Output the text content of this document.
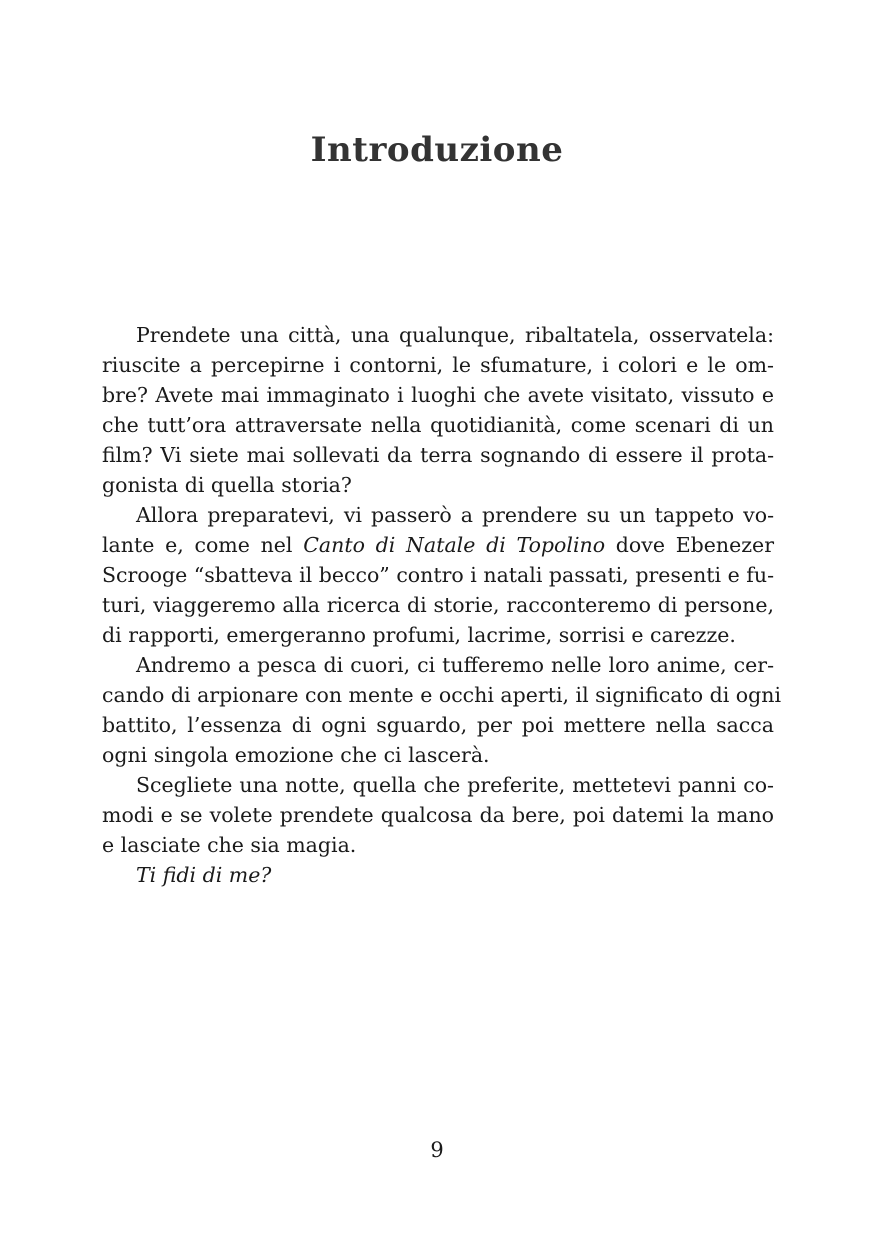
Introduzione
Prendete una città, una qualunque, ribaltatela, osservatela:
riuscite a percepirne i contorni, le sfumature, i colori e le om-
bre? Avete mai immaginato i luoghi che avete visitato, vissuto e
che tutt’ora attraversate nella quotidianità, come scenari di un
film? Vi siete mai sollevati da terra sognando di essere il prota-
gonista di quella storia?
Allora preparatevi, vi passerò a prendere su un tappeto vo-
lante e, come nel Canto di Natale di Topolino dove Ebenezer
Scrooge “sbatteva il becco” contro i natali passati, presenti e fu-
turi, viaggeremo alla ricerca di storie, racconteremo di persone,
di rapporti, emergeranno profumi, lacrime, sorrisi e carezze.
Andremo a pesca di cuori, ci tufferemo nelle loro anime, cer-
cando di arpionare con mente e occhi aperti, il significato di ogni
battito, l’essenza di ogni sguardo, per poi mettere nella sacca
ogni singola emozione che ci lascerà.
Scegliete una notte, quella che preferite, mettetevi panni co-
modi e se volete prendete qualcosa da bere, poi datemi la mano
e lasciate che sia magia.
Ti fidi di me?
9
